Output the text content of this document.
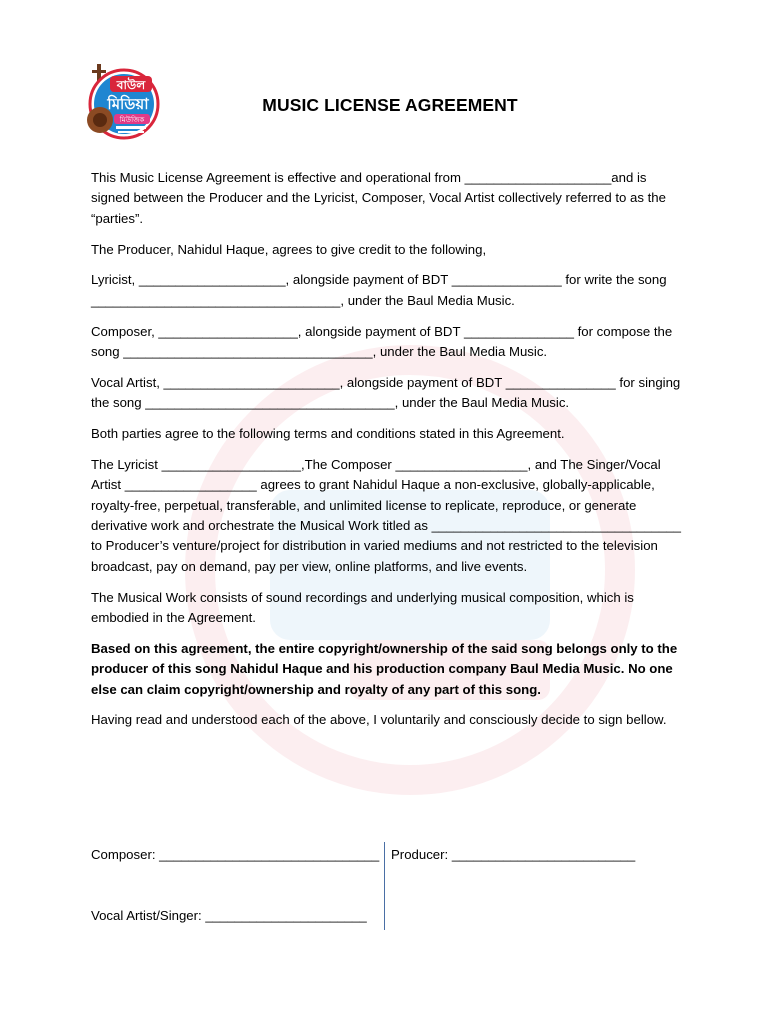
বাউল
মিডিয়া
মিউজিক
MUSIC LICENSE AGREEMENT

This Music License Agreement is effective and operational from ____________________and is signed between the Producer and the Lyricist, Composer, Vocal Artist collectively referred to as the “parties”.

The Producer, Nahidul Haque, agrees to give credit to the following,

Lyricist, ____________________, alongside payment of BDT _______________ for write the song __________________________________, under the Baul Media Music.

Composer, ___________________, alongside payment of BDT _______________ for compose the song __________________________________, under the Baul Media Music.

Vocal Artist, ________________________, alongside payment of BDT _______________ for singing the song __________________________________, under the Baul Media Music.

Both parties agree to the following terms and conditions stated in this Agreement.

The Lyricist ___________________,The Composer __________________, and The Singer/Vocal Artist __________________ agrees to grant Nahidul Haque a non-exclusive, globally-applicable, royalty-free, perpetual, transferable, and unlimited license to replicate, reproduce, or generate derivative work and orchestrate the Musical Work titled as __________________________________ to Producer’s venture/project for distribution in varied mediums and not restricted to the television broadcast, pay on demand, pay per view, online platforms, and live events.

The Musical Work consists of sound recordings and underlying musical composition, which is embodied in the Agreement.

Based on this agreement, the entire copyright/ownership of the said song belongs only to the producer of this song Nahidul Haque and his production company Baul Media Music. No one else can claim copyright/ownership and royalty of any part of this song.

Having read and understood each of the above, I voluntarily and consciously decide to sign bellow.

Composer: ______________________________ Producer: _________________________
Vocal Artist/Singer: ______________________
